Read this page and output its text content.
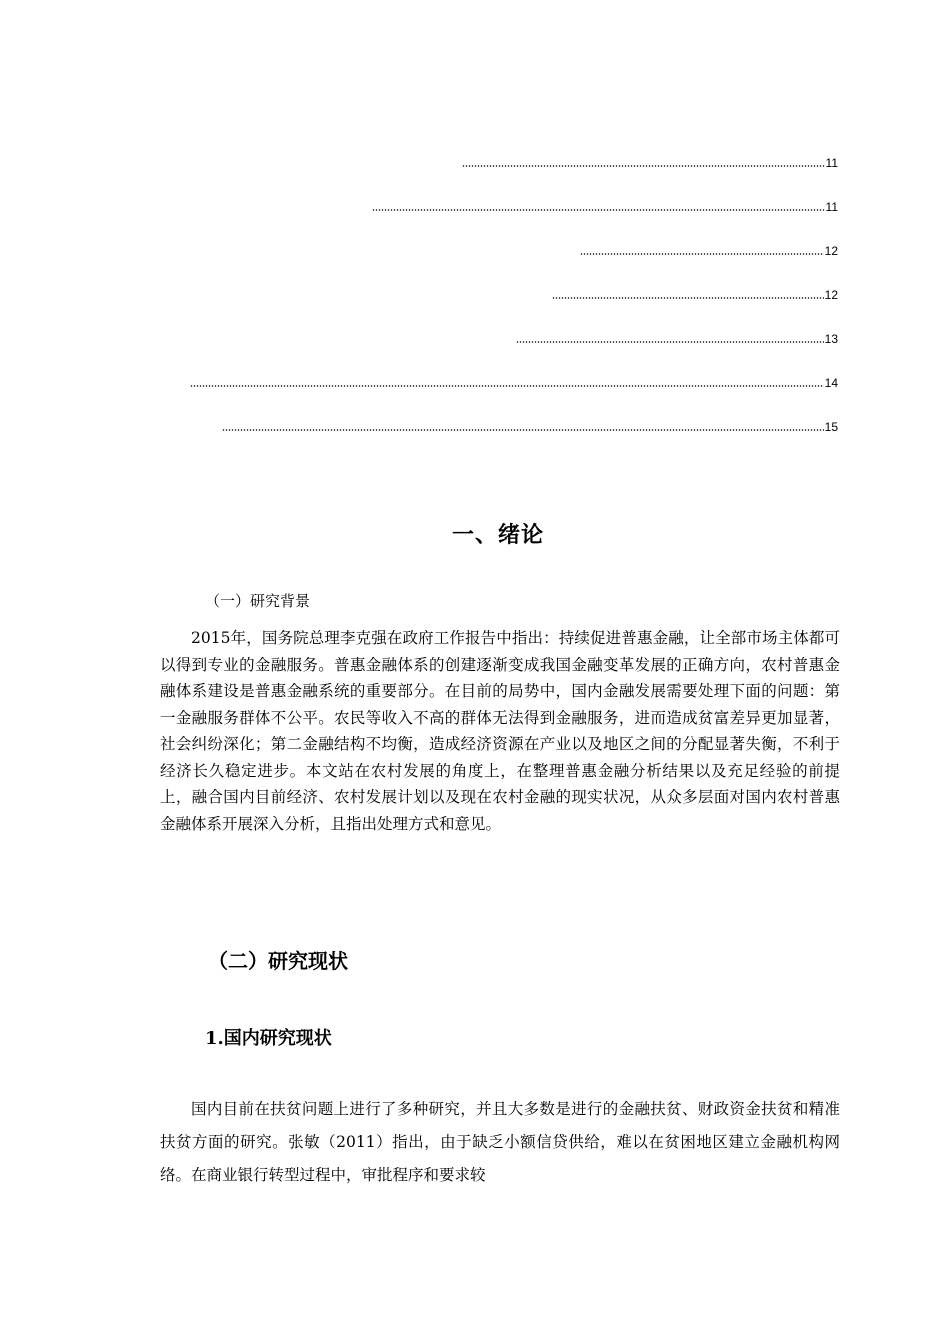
11
11
12
12
13
14
15
一、绪论
（一）研究背景

2015年，国务院总理李克强在政府工作报告中指出：持续促进普惠金融，让全部市场主体都可以得到专业的金融服务。普惠金融体系的创建逐渐变成我国金融变革发展的正确方向，农村普惠金融体系建设是普惠金融系统的重要部分。在目前的局势中，国内金融发展需要处理下面的问题：第一金融服务群体不公平。农民等收入不高的群体无法得到金融服务，进而造成贫富差异更加显著，社会纠纷深化；第二金融结构不均衡，造成经济资源在产业以及地区之间的分配显著失衡，不利于经济长久稳定进步。本文站在农村发展的角度上，在整理普惠金融分析结果以及充足经验的前提上，融合国内目前经济、农村发展计划以及现在农村金融的现实状况，从众多层面对国内农村普惠金融体系开展深入分析，且指出处理方式和意见。

（二）研究现状
1.国内研究现状

国内目前在扶贫问题上进行了多种研究，并且大多数是进行的金融扶贫、财政资金扶贫和精准扶贫方面的研究。张敏（2011）指出，由于缺乏小额信贷供给，难以在贫困地区建立金融机构网络。在商业银行转型过程中，审批程序和要求较
